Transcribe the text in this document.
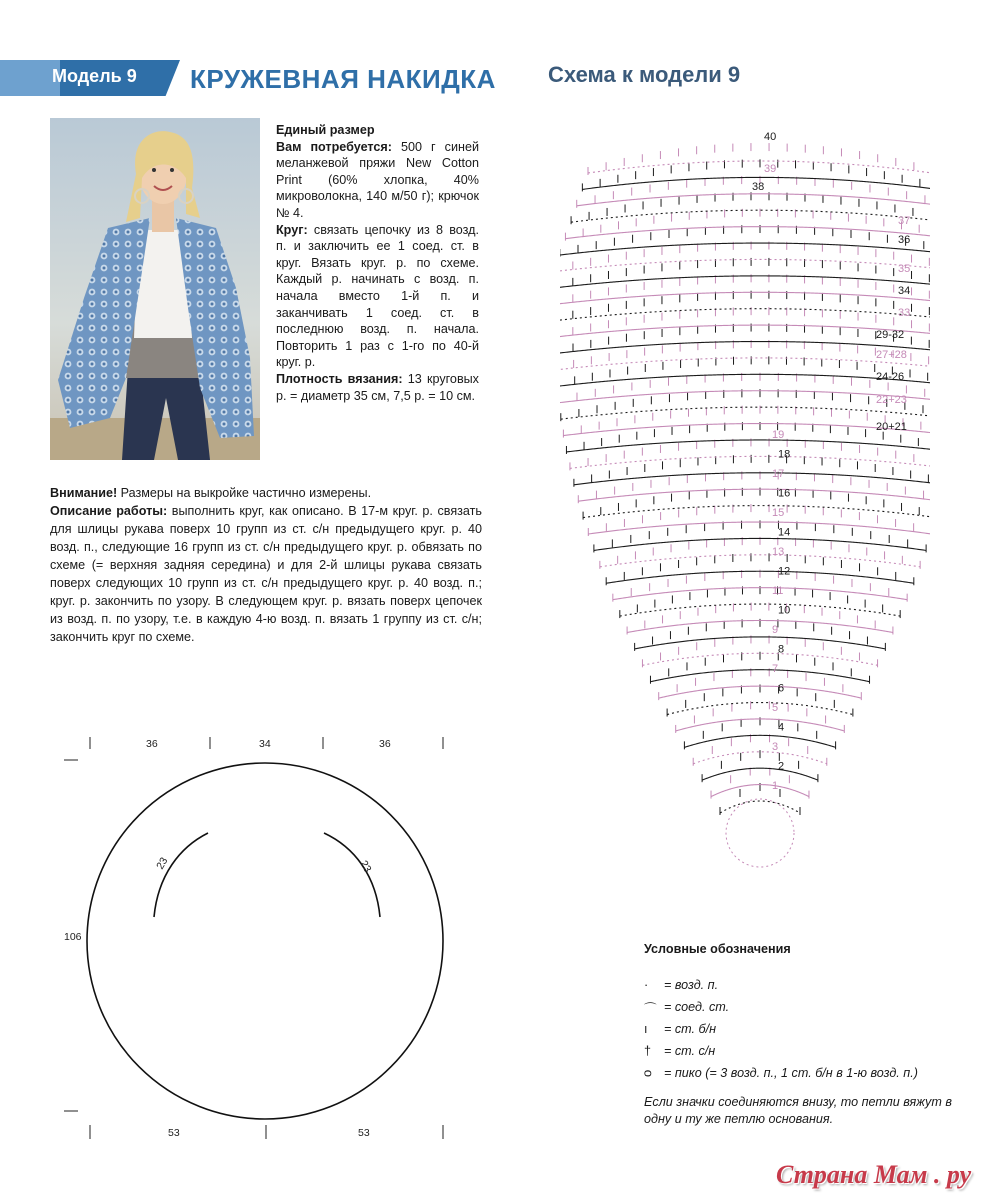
Модель 9 КРУЖЕВНАЯ НАКИДКА Схема к модели 9

Единый размер

Вам потребуется: 500 г синей меланжевой пряжи New Cotton Print (60% хлопка, 40% микроволокна, 140 м/50 г); крючок № 4.

Круг: связать цепочку из 8 возд. п. и заключить ее 1 соед. ст. в круг. Вязать круг. р. по схеме. Каждый р. начинать с возд. п. начала вместо 1-й п. и заканчивать 1 соед. ст. в последнюю возд. п. начала. Повторить 1 раз с 1-го по 40-й круг. р.

Плотность вязания: 13 круговых р. = диаметр 35 см, 7,5 р. = 10 см.

Внимание! Размеры на выкройке частично измерены.

Описание работы: выполнить круг, как описано. В 17-м круг. р. связать для шлицы рукава поверх 10 групп из ст. с/н предыдущего круг. р. 40 возд. п., следующие 16 групп из ст. с/н предыдущего круг. р. обвязать по схеме (= верхняя задняя середина) и для 2-й шлицы рукава связать поверх следующих 10 групп из ст. с/н предыдущего круг. р. 40 возд. п.; круг. р. закончить по узору. В следующем круг. р. вязать поверх цепочек из возд. п. по узору, т.е. в каждую 4-ю возд. п. вязать 1 группу из ст. с/н; закончить круг по схеме.

36	34	36
106
23	23
53	53
37
36
35
34
33
29-32
27+28
24-26
22+23
20+21
40
39
38
19
18
17
16
15
14
13
12
11
10
9
8
7
6
5
4
3
2
1
Условные обозначения
·	= возд. п.
⌒ = соед. ст.
ı	= ст. б/н
†	= ст. с/н
ᴑ = пико (= 3 возд. п., 1 ст. б/н в 1-ю возд. п.)
Если значки соединяются внизу, то петли вяжут в одну и ту же петлю основания.
Страна Мам . ру
